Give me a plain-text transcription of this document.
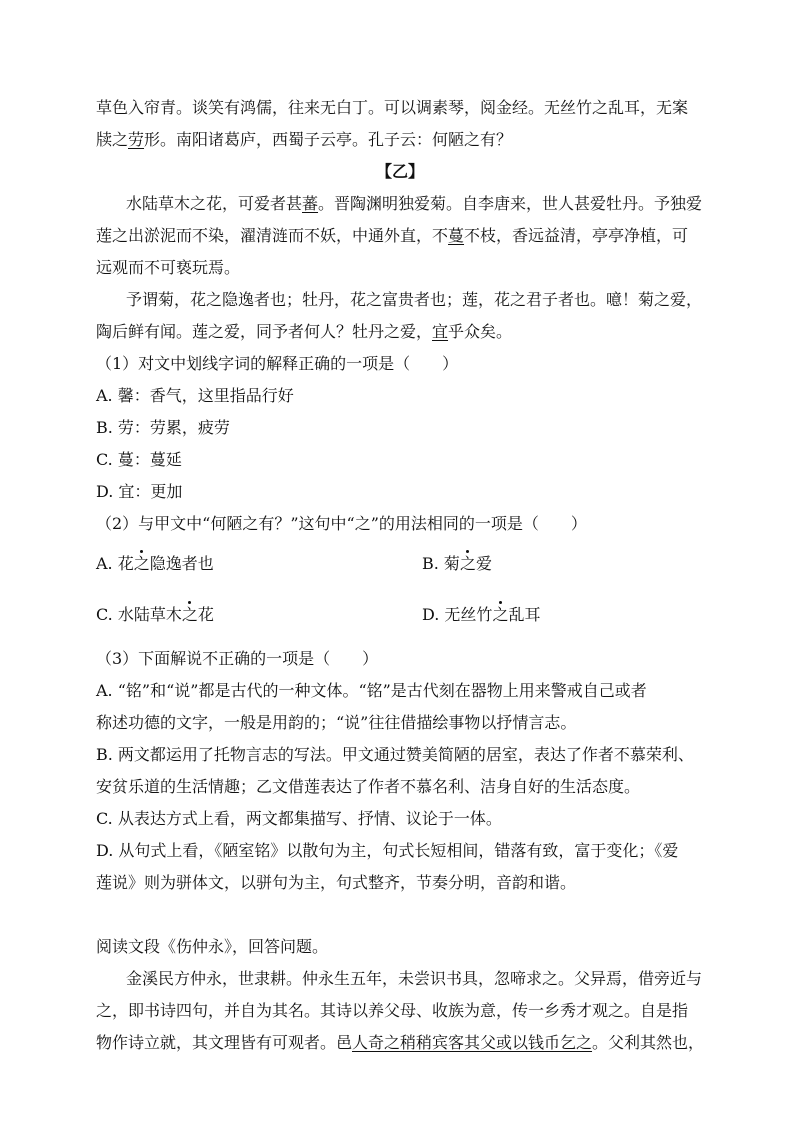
草色入帘青。谈笑有鸿儒，往来无白丁。可以调素琴，阅金经。无丝竹之乱耳，无案
牍之劳形。南阳诸葛庐，西蜀子云亭。孔子云：何陋之有？
【乙】
水陆草木之花，可爱者甚蕃。晋陶渊明独爱菊。自李唐来，世人甚爱牡丹。予独爱
莲之出淤泥而不染，濯清涟而不妖，中通外直，不蔓不枝，香远益清，亭亭净植，可
远观而不可亵玩焉。
予谓菊，花之隐逸者也；牡丹，花之富贵者也；莲，花之君子者也。噫！菊之爱，
陶后鲜有闻。莲之爱，同予者何人？牡丹之爱，宜乎众矣。
（1）对文中划线字词的解释正确的一项是（　　）
A. 馨：香气，这里指品行好
B. 劳：劳累，疲劳
C. 蔓：蔓延
D. 宜：更加
（2）与甲文中“何陋之有？”这句中“之”的用法相同的一项是（　　）
A. 花之隐逸者也	B. 菊之爱
C. 水陆草木之花	D. 无丝竹之乱耳
（3）下面解说不正确的一项是（　　）
A. “铭”和“说”都是古代的一种文体。“铭”是古代刻在器物上用来警戒自己或者
称述功德的文字，一般是用韵的；“说”往往借描绘事物以抒情言志。
B. 两文都运用了托物言志的写法。甲文通过赞美简陋的居室，表达了作者不慕荣利、
安贫乐道的生活情趣；乙文借莲表达了作者不慕名利、洁身自好的生活态度。
C. 从表达方式上看，两文都集描写、抒情、议论于一体。
D. 从句式上看，《陋室铭》以散句为主，句式长短相间，错落有致，富于变化；《爱
莲说》则为骈体文，以骈句为主，句式整齐，节奏分明，音韵和谐。
阅读文段《伤仲永》，回答问题。
金溪民方仲永，世隶耕。仲永生五年，未尝识书具，忽啼求之。父异焉，借旁近与
之，即书诗四句，并自为其名。其诗以养父母、收族为意，传一乡秀才观之。自是指
物作诗立就，其文理皆有可观者。邑人奇之稍稍宾客其父或以钱币乞之。父利其然也，
